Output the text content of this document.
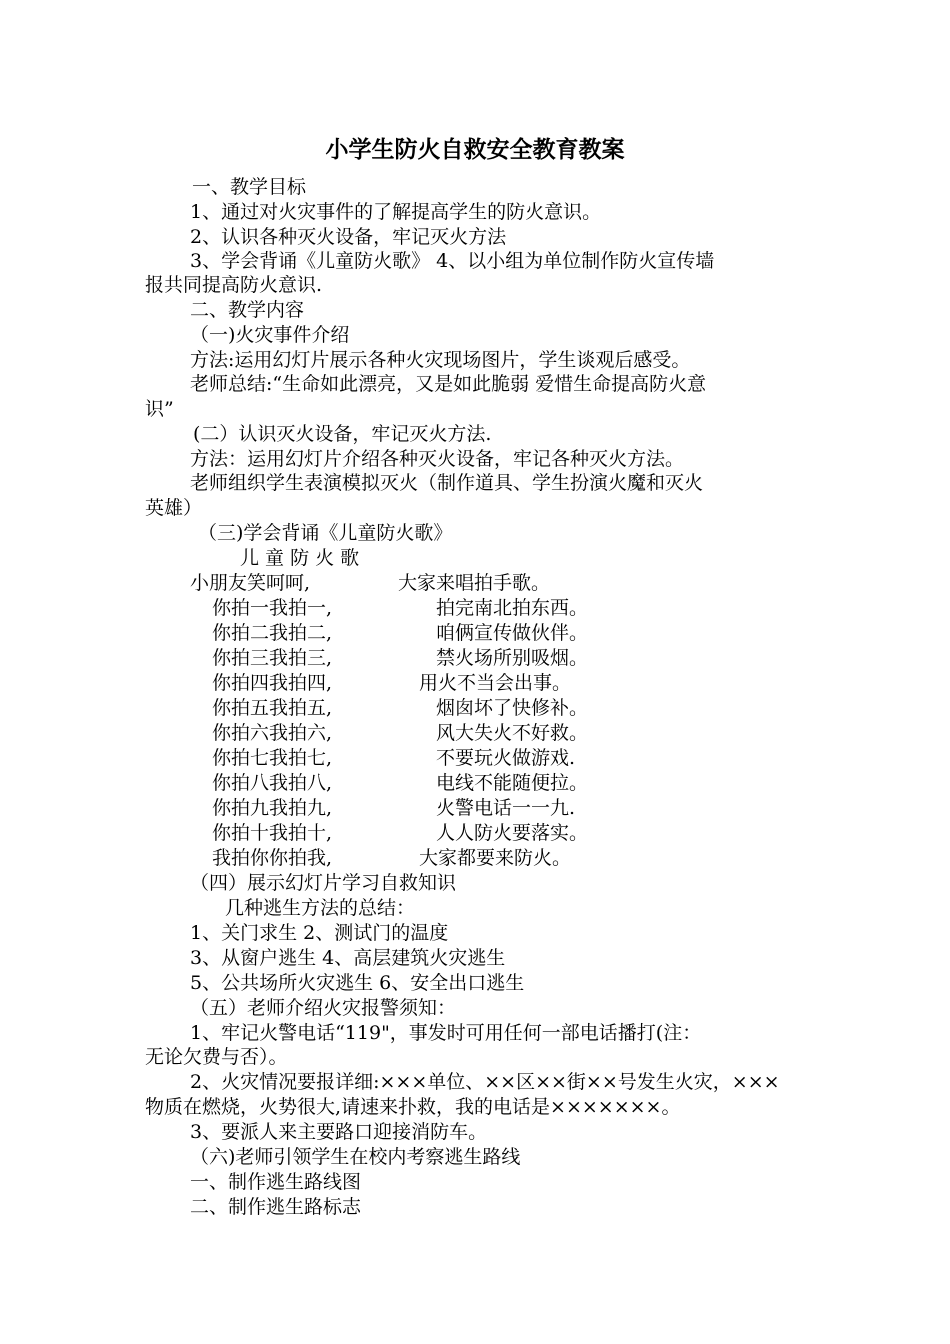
小学生防火自救安全教育教案
一、教学目标
1、通过对火灾事件的了解提高学生的防火意识。
2、认识各种灭火设备，牢记灭火方法
3、学会背诵《儿童防火歌》 4、以小组为单位制作防火宣传墙
报共同提高防火意识.
二、教学内容
（一)火灾事件介绍
方法:运用幻灯片展示各种火灾现场图片，学生谈观后感受。
老师总结:“生命如此漂亮，又是如此脆弱 爱惜生命提高防火意
识”
(二）认识灭火设备，牢记灭火方法.
方法：运用幻灯片介绍各种灭火设备，牢记各种灭火方法。
老师组织学生表演模拟灭火（制作道具、学生扮演火魔和灭火
英雄）
（三)学会背诵《儿童防火歌》
儿 童 防 火 歌
小朋友笑呵呵,	大家来唱拍手歌。
你拍一我拍一,	拍完南北拍东西。
你拍二我拍二,	咱俩宣传做伙伴。
你拍三我拍三,	禁火场所别吸烟。
你拍四我拍四,	用火不当会出事。
你拍五我拍五,	烟囱坏了快修补。
你拍六我拍六,	风大失火不好救。
你拍七我拍七,	不要玩火做游戏.
你拍八我拍八,	电线不能随便拉。
你拍九我拍九,	火警电话一一九.
你拍十我拍十,	人人防火要落实。
我拍你你拍我,	大家都要来防火。
（四）展示幻灯片学习自救知识
几种逃生方法的总结：
1、关门求生 2、测试门的温度
3、从窗户逃生 4、高层建筑火灾逃生
5、公共场所火灾逃生 6、安全出口逃生
（五）老师介绍火灾报警须知：
1、牢记火警电话“119"，事发时可用任何一部电话播打(注：
无论欠费与否）。
2、火灾情况要报详细:×××单位、××区××街××号发生火灾，×××
物质在燃烧，火势很大,请速来扑救，我的电话是×××××××。
3、要派人来主要路口迎接消防车。
（六)老师引领学生在校内考察逃生路线
一、制作逃生路线图
二、制作逃生路标志
